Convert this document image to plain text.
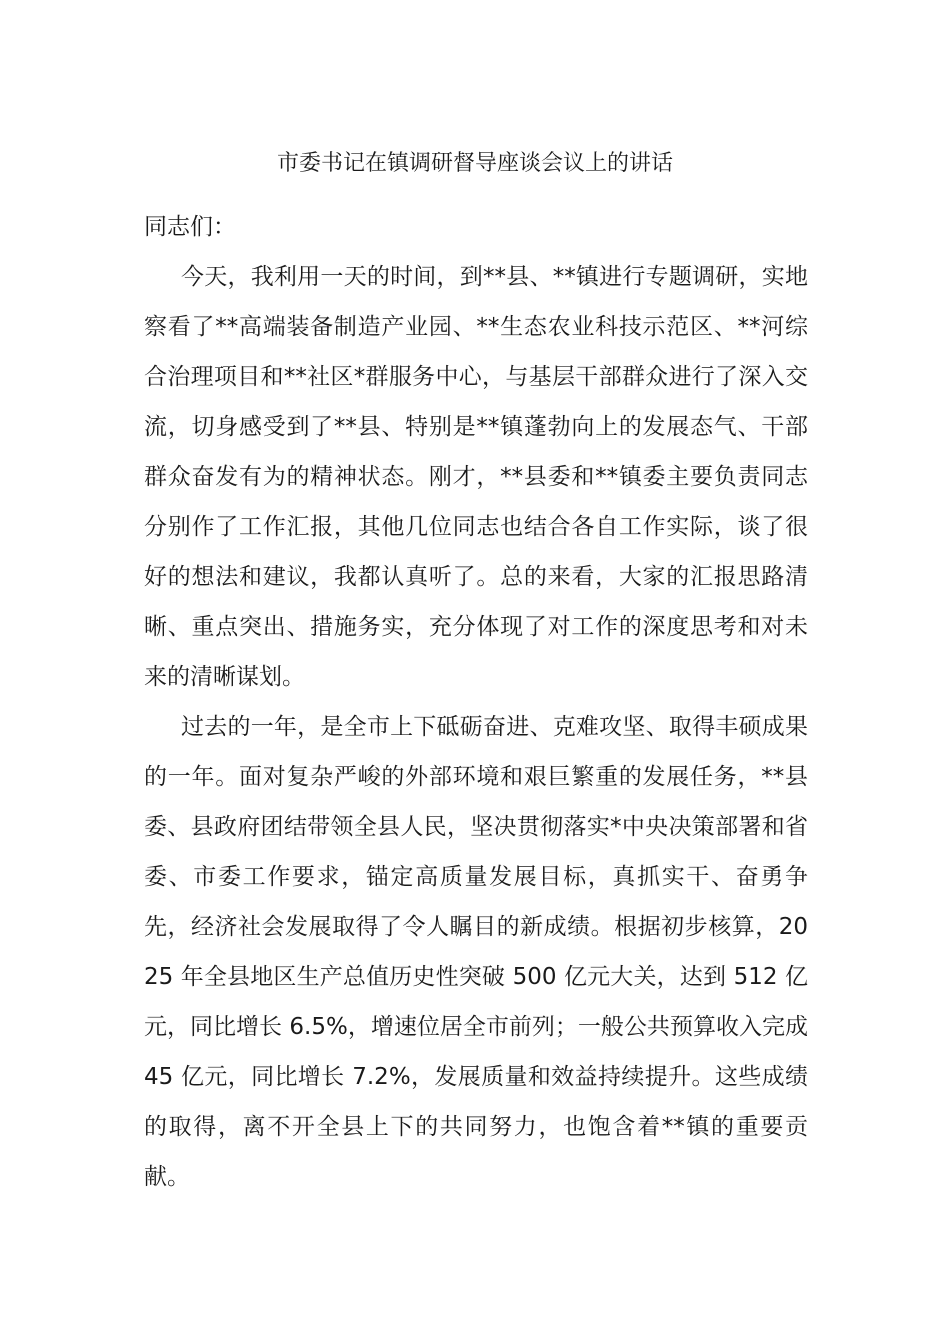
市委书记在镇调研督导座谈会议上的讲话

同志们：

今天，我利用一天的时间，到**县、**镇进行专题调研，实地察看了**高端装备制造产业园、**生态农业科技示范区、**河综合治理项目和**社区*群服务中心，与基层干部群众进行了深入交流，切身感受到了**县、特别是**镇蓬勃向上的发展态气、干部群众奋发有为的精神状态。刚才，**县委和**镇委主要负责同志分别作了工作汇报，其他几位同志也结合各自工作实际，谈了很好的想法和建议，我都认真听了。总的来看，大家的汇报思路清晰、重点突出、措施务实，充分体现了对工作的深度思考和对未来的清晰谋划。

过去的一年，是全市上下砥砺奋进、克难攻坚、取得丰硕成果的一年。面对复杂严峻的外部环境和艰巨繁重的发展任务，**县委、县政府团结带领全县人民，坚决贯彻落实*中央决策部署和省委、市委工作要求，锚定高质量发展目标，真抓实干、奋勇争先，经济社会发展取得了令人瞩目的新成绩。根据初步核算，2025 年全县地区生产总值历史性突破 500 亿元大关，达到 512 亿元，同比增长 6.5%，增速位居全市前列；一般公共预算收入完成 45 亿元，同比增长 7.2%，发展质量和效益持续提升。这些成绩的取得，离不开全县上下的共同努力，也饱含着**镇的重要贡献。
